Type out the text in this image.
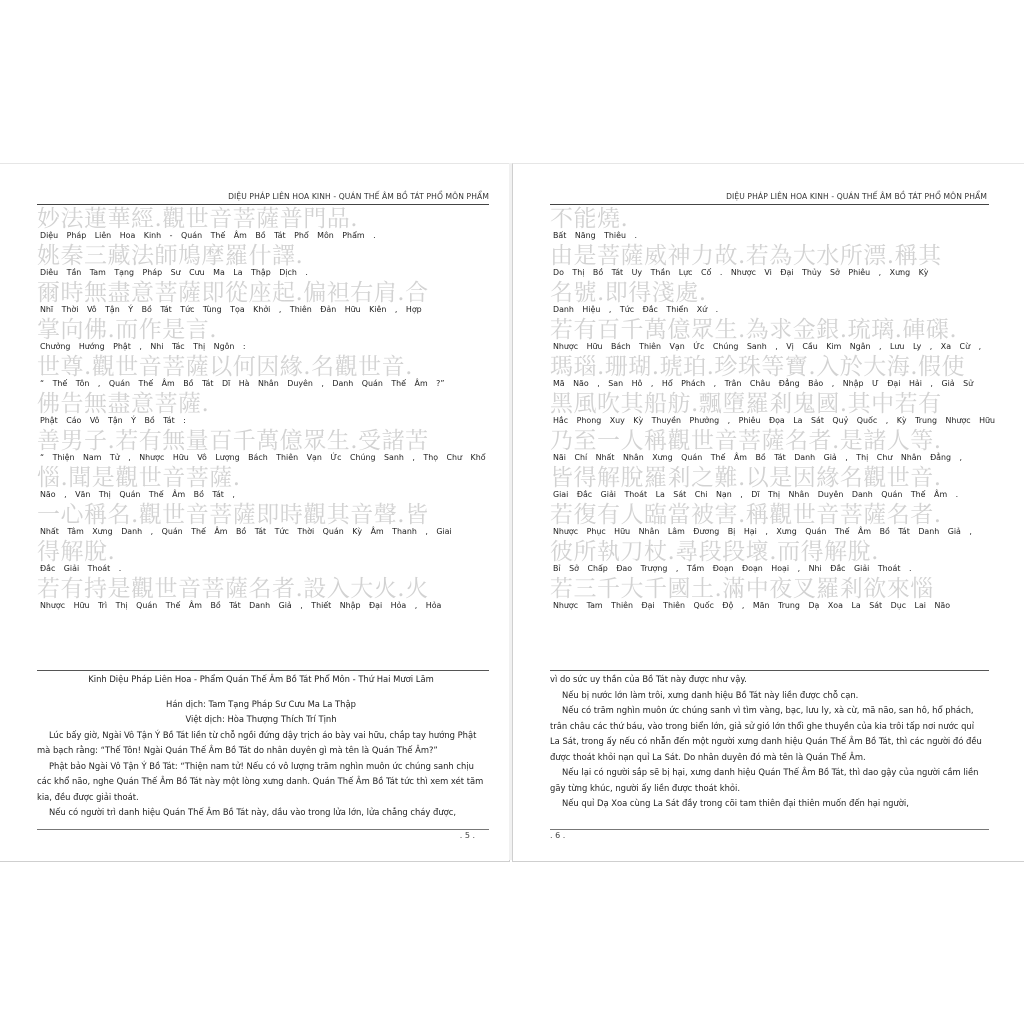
DIỆU PHÁP LIÊN HOA KINH - QUÁN THẾ ÂM BỒ TÁT PHỔ MÔN PHẨM
妙法蓮華經.觀世音菩薩普門品.
Diệu Pháp Liên Hoa Kinh - Quán Thế Âm Bồ Tát Phổ Môn Phẩm .
姚秦三藏法師鳩摩羅什譯.
Diêu Tần Tam Tạng Pháp Sư Cưu Ma La Thập Dịch .
爾時無盡意菩薩即從座起.偏袒右肩.合
Nhĩ Thời Vô Tận Ý Bồ Tát Tức Tùng Tọa Khởi , Thiên Đản Hữu Kiên , Hợp
掌向佛.而作是言.
Chưởng Hướng Phật , Nhi Tác Thị Ngôn :
世尊.觀世音菩薩以何因緣.名觀世音.
“ Thế Tôn , Quán Thế Âm Bồ Tát Dĩ Hà Nhân Duyên , Danh Quán Thế Âm ?”
佛告無盡意菩薩.
Phật Cáo Vô Tận Ý Bồ Tát :
善男子.若有無量百千萬億眾生.受諸苦
“ Thiện Nam Tử , Nhược Hữu Vô Lượng Bách Thiên Vạn Ức Chúng Sanh , Thọ Chư Khổ
惱.聞是觀世音菩薩.
Não , Văn Thị Quán Thế Âm Bồ Tát ,
一心稱名.觀世音菩薩即時觀其音聲.皆
Nhất Tâm Xưng Danh , Quán Thế Âm Bồ Tát Tức Thời Quán Kỳ Âm Thanh , Giai
得解脫.
Đắc Giải Thoát .
若有持是觀世音菩薩名者.設入大火.火
Nhược Hữu Trì Thị Quán Thế Âm Bồ Tát Danh Giả , Thiết Nhập Đại Hỏa , Hỏa

Kinh Diệu Pháp Liên Hoa - Phẩm Quán Thế Âm Bồ Tát Phổ Môn - Thứ Hai Mươi Lăm

Hán dịch: Tam Tạng Pháp Sư Cưu Ma La Thập

Việt dịch: Hòa Thượng Thích Trí Tịnh

Lúc bấy giờ, Ngài Vô Tận Ý Bồ Tát liền từ chỗ ngồi đứng dậy trịch áo bày vai hữu, chắp tay hướng Phật mà bạch rằng: “Thế Tôn! Ngài Quán Thế Âm Bồ Tát do nhân duyên gì mà tên là Quán Thế Âm?”

Phật bảo Ngài Vô Tận Ý Bồ Tát: “Thiện nam tử! Nếu có vô lượng trăm nghìn muôn ức chúng sanh chịu các khổ não, nghe Quán Thế Âm Bồ Tát này một lòng xưng danh. Quán Thế Âm Bồ Tát tức thì xem xét tăm kia, đều được giải thoát.

Nếu có người trì danh hiệu Quán Thế Âm Bồ Tát này, dầu vào trong lửa lớn, lửa chẳng cháy được,

. 5 .
DIỆU PHÁP LIÊN HOA KINH - QUÁN THẾ ÂM BỒ TÁT PHỔ MÔN PHẨM
不能燒.
Bất Năng Thiêu .
由是菩薩威神力故.若為大水所漂.稱其
Do Thị Bồ Tát Uy Thần Lực Cố . Nhược Vi Đại Thủy Sở Phiêu , Xưng Kỳ
名號.即得淺處.
Danh Hiệu , Tức Đắc Thiển Xứ .
若有百千萬億眾生.為求金銀.琉璃.硨磲.
Nhược Hữu Bách Thiên Vạn Ức Chúng Sanh , Vị Cầu Kim Ngân , Lưu Ly , Xa Cừ ,
瑪瑙.珊瑚.琥珀.珍珠等寶.入於大海.假使
Mã Não , San Hô , Hổ Phách , Trân Châu Đẳng Bảo , Nhập Ư Đại Hải , Giả Sử
黑風吹其船舫.飄墮羅剎鬼國.其中若有
Hắc Phong Xuy Kỳ Thuyền Phưởng , Phiêu Đọa La Sát Quỷ Quốc , Kỳ Trung Nhược Hữu
乃至一人稱觀世音菩薩名者.是諸人等.
Nãi Chí Nhất Nhân Xưng Quán Thế Âm Bồ Tát Danh Giả , Thị Chư Nhân Đẳng ,
皆得解脫羅剎之難.以是因緣名觀世音.
Giai Đắc Giải Thoát La Sát Chi Nạn , Dĩ Thị Nhân Duyên Danh Quán Thế Âm .
若復有人臨當被害.稱觀世音菩薩名者.
Nhược Phục Hữu Nhân Lâm Đương Bị Hại , Xưng Quán Thế Âm Bồ Tát Danh Giả ,
彼所執刀杖.尋段段壞.而得解脫.
Bỉ Sở Chấp Đao Trượng , Tầm Đoạn Đoạn Hoại , Nhi Đắc Giải Thoát .
若三千大千國土.滿中夜叉羅剎欲來惱
Nhược Tam Thiên Đại Thiên Quốc Độ , Mãn Trung Dạ Xoa La Sát Dục Lai Não

vì do sức uy thần của Bồ Tát này được như vậy.

Nếu bị nước lớn làm trôi, xưng danh hiệu Bồ Tát này liền được chỗ cạn.

Nếu có trăm nghìn muôn ức chúng sanh vì tìm vàng, bạc, lưu ly, xà cừ, mã não, san hô, hổ phách, trân châu các thứ báu, vào trong biển lớn, giả sử gió lớn thổi ghe thuyền của kia trôi tấp nơi nước quỉ La Sát, trong ấy nếu có nhẫn đến một người xưng danh hiệu Quán Thế Âm Bồ Tát, thì các người đó đều được thoát khỏi nạn quỉ La Sát. Do nhân duyên đó mà tên là Quán Thế Âm.

Nếu lại có người sắp sẽ bị hại, xưng danh hiệu Quán Thế Âm Bồ Tát, thì dao gậy của người cầm liền gãy từng khúc, người ấy liền được thoát khỏi.

Nếu quỉ Dạ Xoa cùng La Sát đầy trong cõi tam thiên đại thiên muốn đến hại người,

. 6 .
